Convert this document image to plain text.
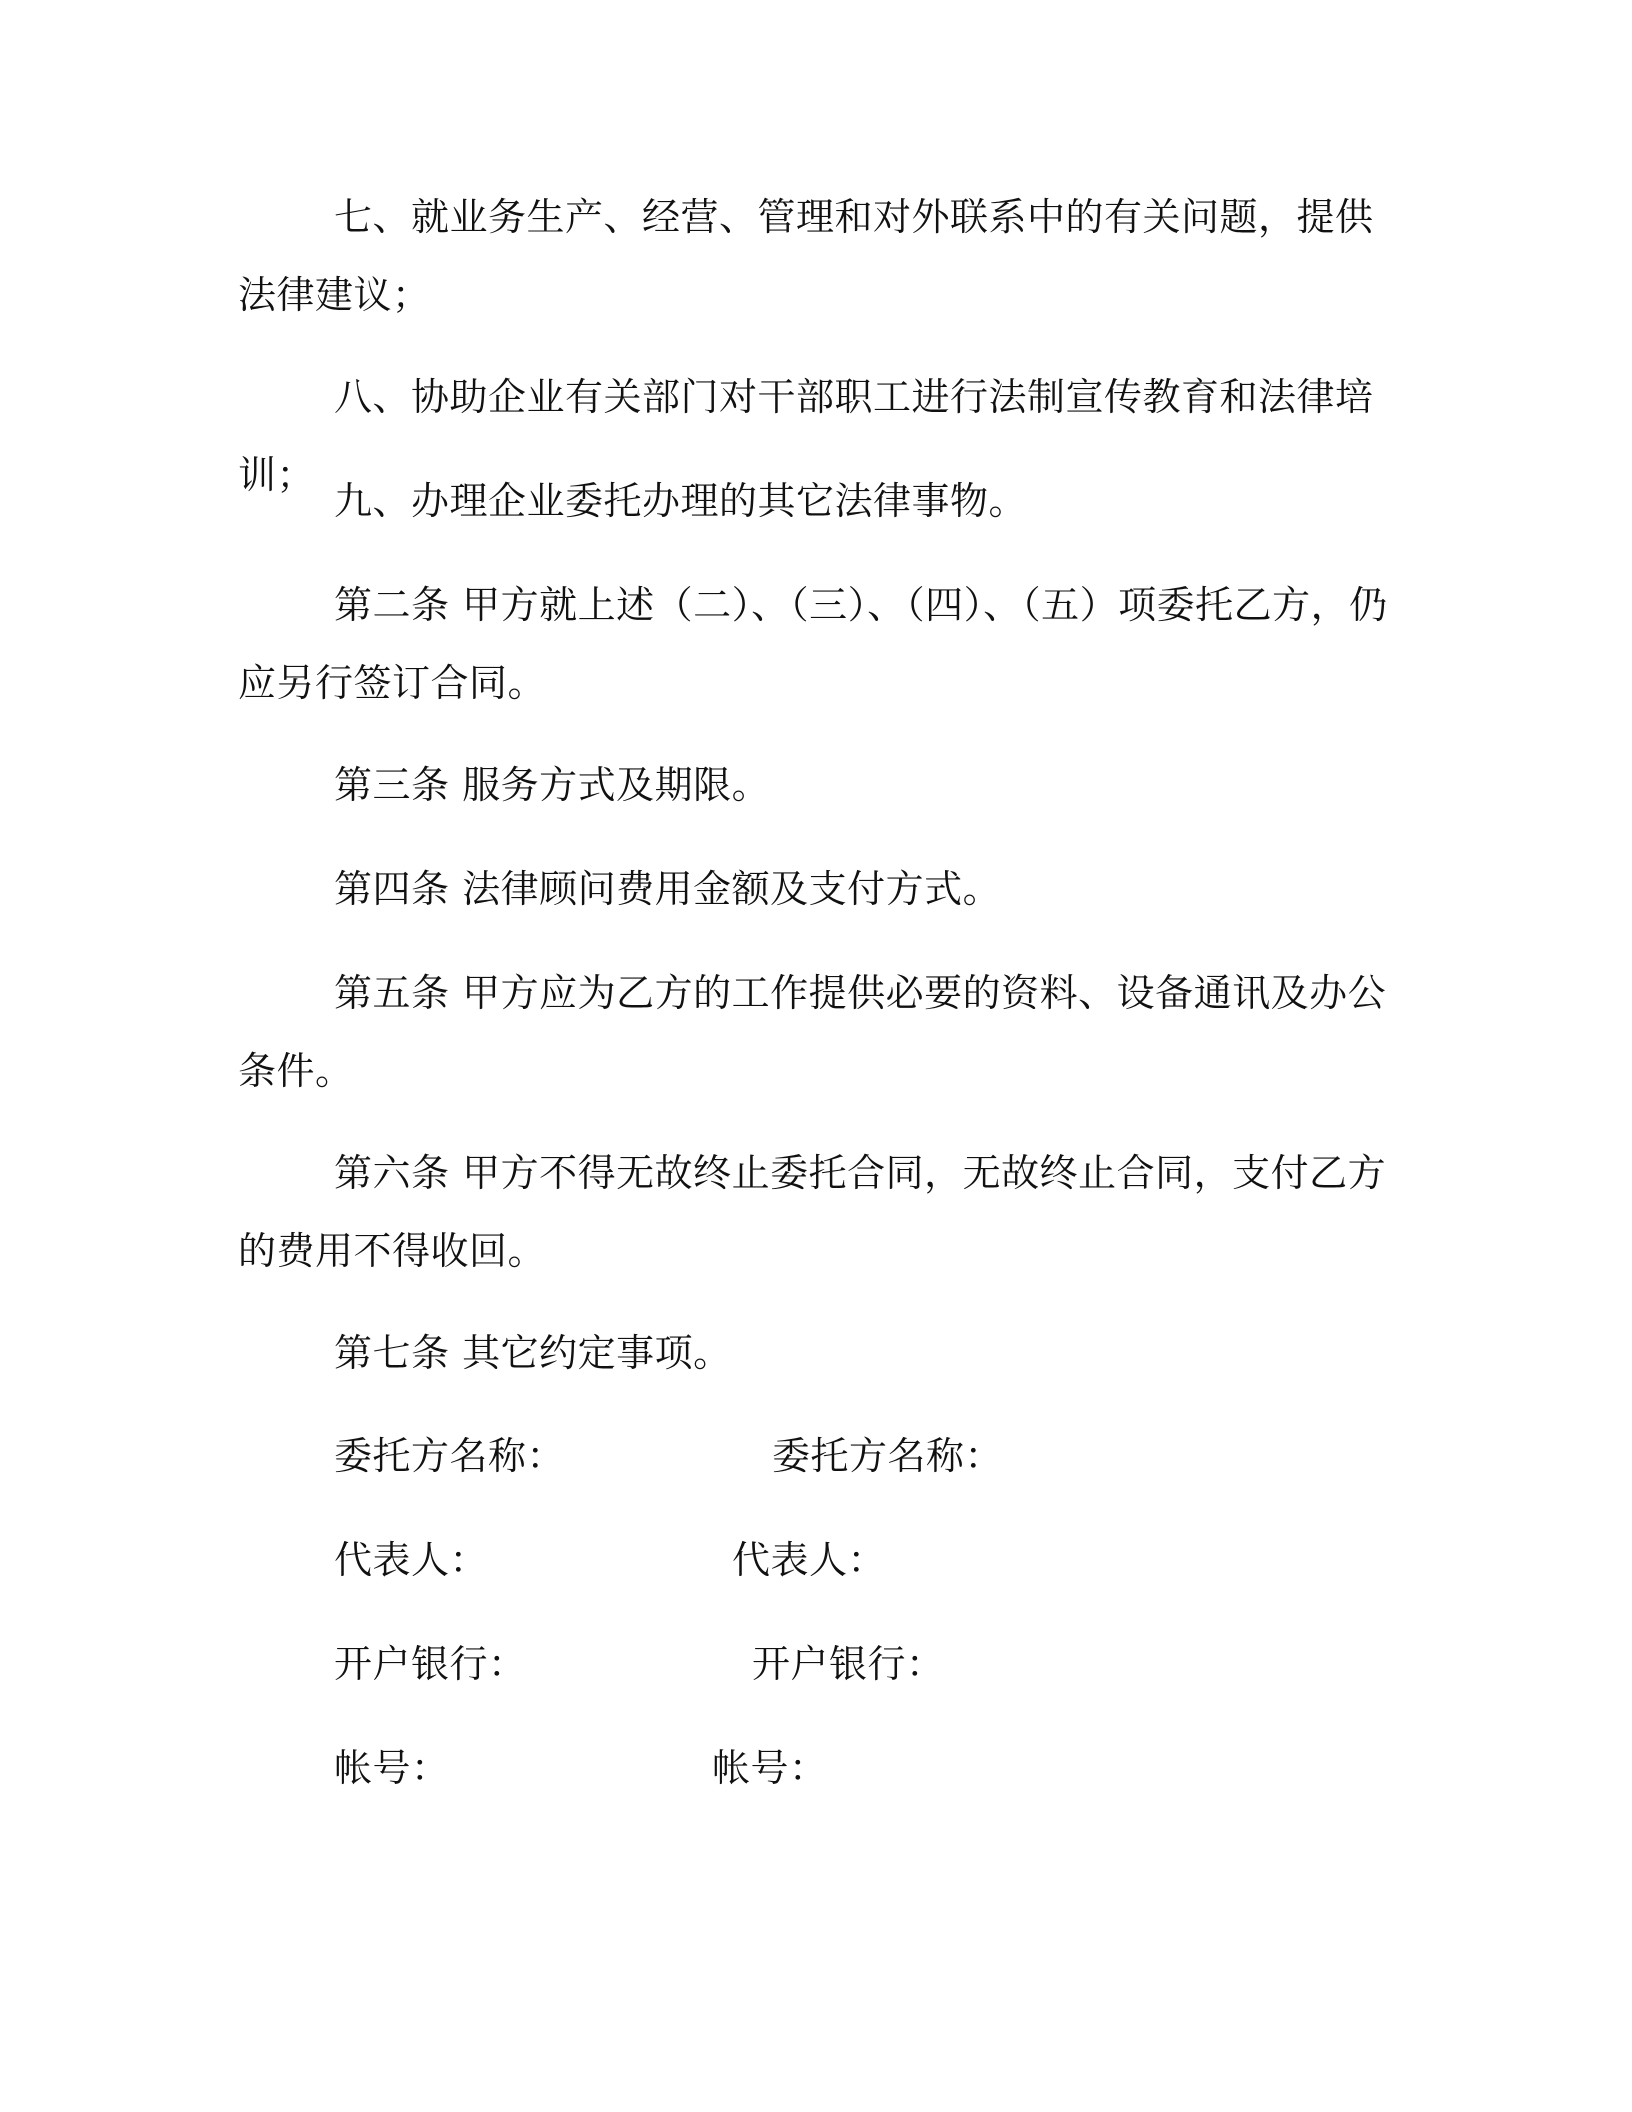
七、就业务生产、经营、管理和对外联系中的有关问题，提供法律建议；

八、协助企业有关部门对干部职工进行法制宣传教育和法律培训；

九、办理企业委托办理的其它法律事物。

第二条 甲方就上述（二）、（三）、（四）、（五）项委托乙方，仍应另行签订合同。

第三条 服务方式及期限。

第四条 法律顾问费用金额及支付方式。

第五条 甲方应为乙方的工作提供必要的资料、设备通讯及办公条件。

第六条 甲方不得无故终止委托合同，无故终止合同，支付乙方的费用不得收回。

第七条 其它约定事项。

委托方名称：	委托方名称：
代表人：	代表人：
开户银行：	开户银行：
帐号：	帐号：
